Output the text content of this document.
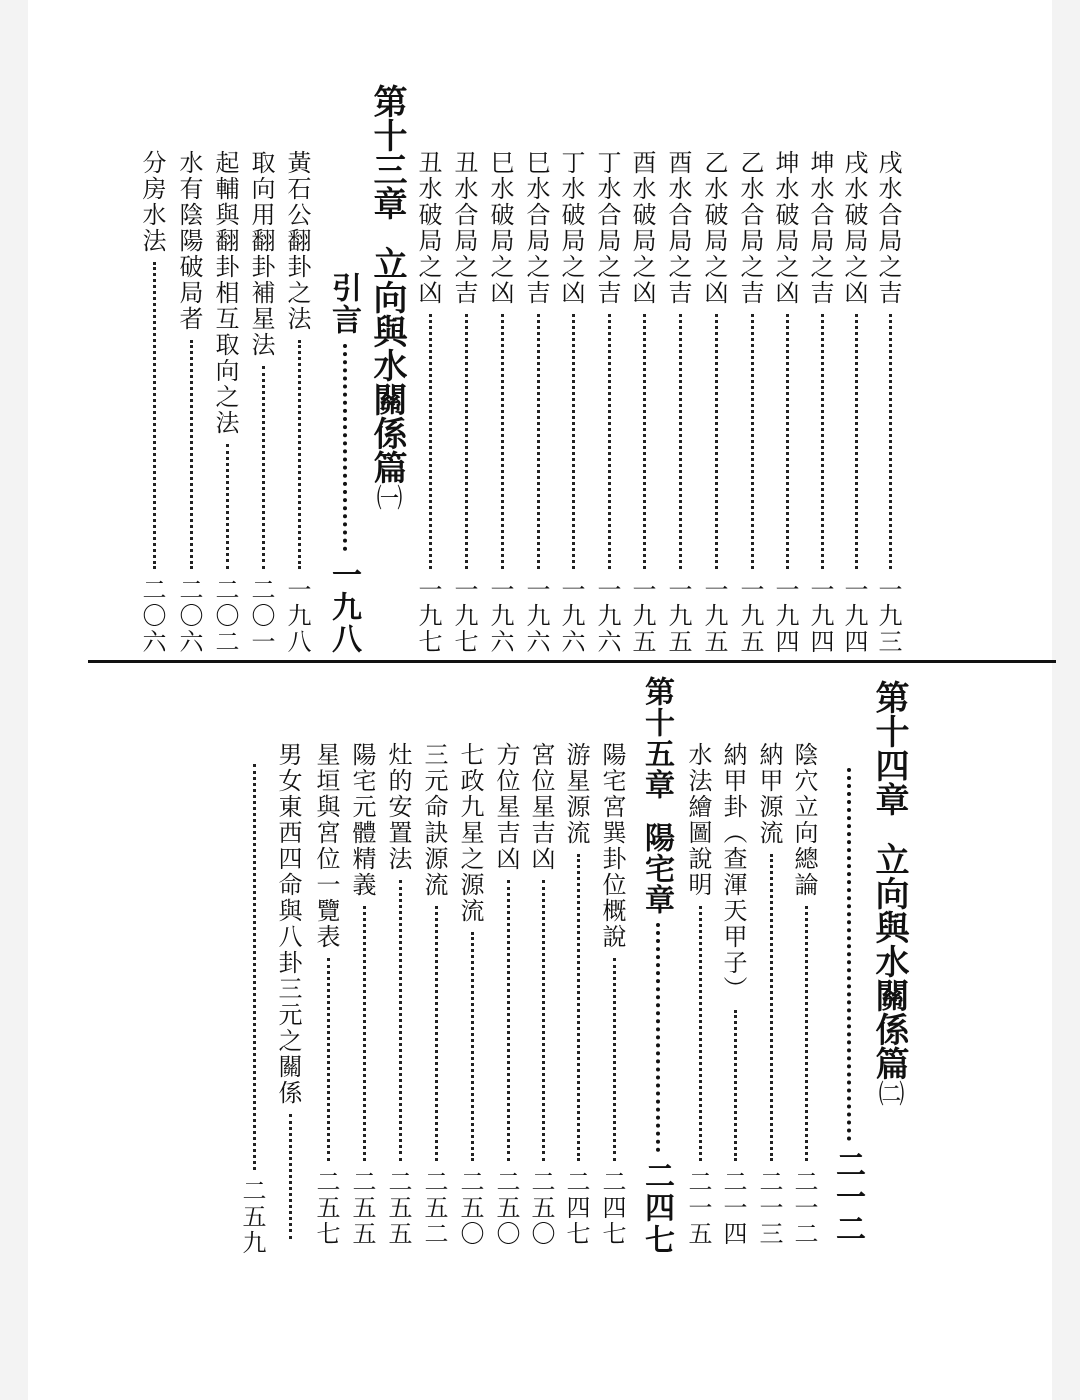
戌水合局之吉
一九三
戌水破局之凶
一九四
坤水合局之吉
一九四
坤水破局之凶
一九四
乙水合局之吉
一九五
乙水破局之凶
一九五
酉水合局之吉
一九五
酉水破局之凶
一九五
丁水合局之吉
一九六
丁水破局之凶
一九六
巳水合局之吉
一九六
巳水破局之凶
一九六
丑水合局之吉
一九七
丑水破局之凶
一九七
第十三章立向與水關係篇㈠
引言
一九八
黃石公翻卦之法
一九八
取向用翻卦補星法
二〇一
起輔與翻卦相互取向之法
二〇二
水有陰陽破局者
二〇六
分房水法
二〇六
第十四章立向與水關係篇㈡
二一二
陰穴立向總論
二一二
納甲源流
二一三
納甲卦（查渾天甲子）
二一四
水法繪圖說明
二一五
第十五章
陽宅章
二四七
陽宅宮巽卦位概說
二四七
游星源流
二四七
宮位星吉凶
二五〇
方位星吉凶
二五〇
七政九星之源流
二五〇
三元命訣源流
二五二
灶的安置法
二五五
陽宅元體精義
二五五
星垣與宮位一覽表
二五七
男女東西四命與八卦三元之關係
二五九
